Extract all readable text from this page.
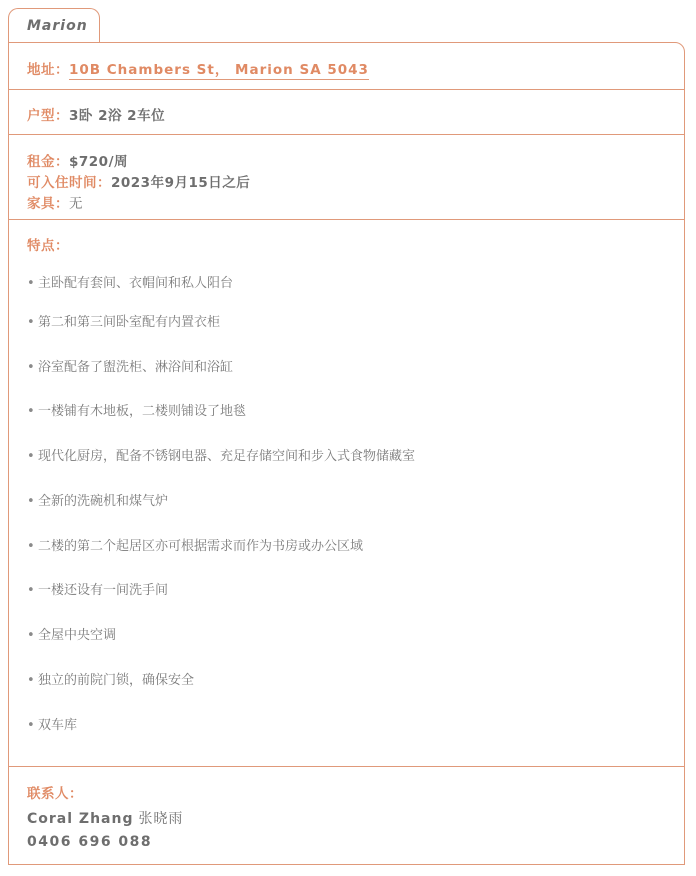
Marion
地址：10B Chambers St， Marion SA 5043
户型：3卧 2浴 2车位
租金：$720/周
可入住时间：2023年9月15日之后
家具：无
特点：
• 主卧配有套间、衣帽间和私人阳台
• 第二和第三间卧室配有内置衣柜
• 浴室配备了盥洗柜、淋浴间和浴缸
• 一楼铺有木地板，二楼则铺设了地毯
• 现代化厨房，配备不锈钢电器、充足存储空间和步入式食物储藏室
• 全新的洗碗机和煤气炉
• 二楼的第二个起居区亦可根据需求而作为书房或办公区域
• 一楼还设有一间洗手间
• 全屋中央空调
• 独立的前院门锁，确保安全
• 双车库
联系人：
Coral Zhang 张晓雨
0406 696 088
